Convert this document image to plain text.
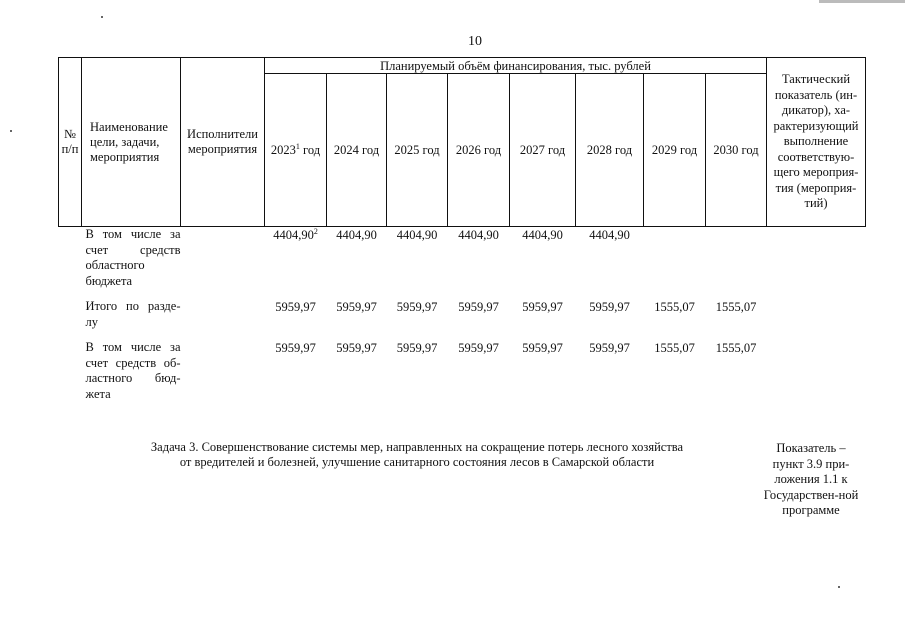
10
№ п/п	Наименование цели, задачи, мероприятия	Исполнители мероприятия	Планируемый объём финансирования, тыс. рублей								Тактический показатель (ин-дикатор), ха-рактеризующий выполнение соответствую-щего мероприя-тия (мероприя-тий)
			2023$^1$ год	2024 год	2025 год	2026 год	2027 год	2028 год	2029 год	2030 год	
В том числе за счет средств областного бюджета			4404,90$^2$	4404,90	4404,90	4404,90	4404,90	4404,90			
Итого по разде-лу			5959,97	5959,97	5959,97	5959,97	5959,97	5959,97	1555,07	1555,07	
В том числе за счет средств об-ластного бюд-жета			5959,97	5959,97	5959,97	5959,97	5959,97	5959,97	1555,07	1555,07	
Задача 3. Совершенствование системы мер, направленных на сокращение потерь лесного хозяйства
от вредителей и болезней, улучшение санитарного состояния лесов в Самарской области
Показатель – пункт 3.9 при-ложения 1.1 к Государствен-ной программе
